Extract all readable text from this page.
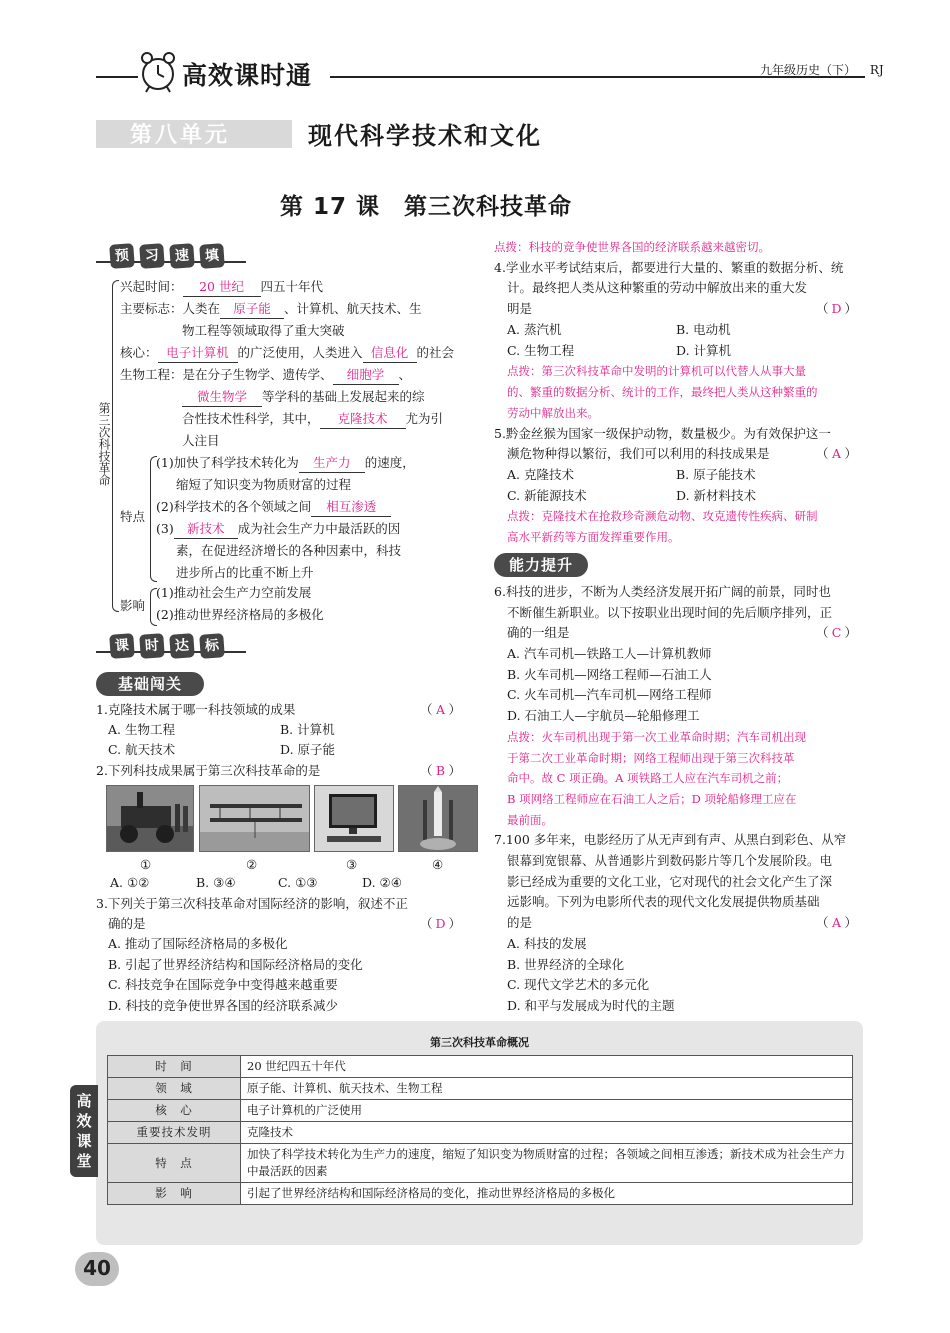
高效课时通	九年级历史（下） RJ
第八单元	现代科学技术和文化
第 17 课　第三次科技革命
预	习	速	填
第三次科技革命
兴起时间： 20 世纪 四五十年代
主要标志：人类在 原子能 、计算机、航天技术、生
物工程等领域取得了重大突破
核心： 电子计算机 的广泛使用，人类进入 信息化 的社会
生物工程：是在分子生物学、遗传学、 细胞学 、
微生物学 等学科的基础上发展起来的综
合性技术性科学，其中， 克隆技术 尤为引
人注目
特点
(1)加快了科学技术转化为 生产力 的速度，
缩短了知识变为物质财富的过程
(2)科学技术的各个领域之间 相互渗透
(3) 新技术 成为社会生产力中最活跃的因
素，在促进经济增长的各种因素中，科技
进步所占的比重不断上升
影响
(1)推动社会生产力空前发展
(2)推动世界经济格局的多极化
课	时	达	标
基础闯关
1.克隆技术属于哪一科技领域的成果	（ A ）
A. 生物工程	B. 计算机
C. 航天技术	D. 原子能
2.下列科技成果属于第三次科技革命的是	（ B ）
①	②	③	④
A. ①②	B. ③④	C. ①③	D. ②④
3.下列关于第三次科技革命对国际经济的影响，叙述不正
确的是	（ D ）
A. 推动了国际经济格局的多极化
B. 引起了世界经济结构和国际经济格局的变化
C. 科技竞争在国际竞争中变得越来越重要
D. 科技的竞争使世界各国的经济联系减少
点拨：科技的竞争使世界各国的经济联系越来越密切。
4.学业水平考试结束后，都要进行大量的、繁重的数据分析、统
计。最终把人类从这种繁重的劳动中解放出来的重大发
明是	（ D ）
A. 蒸汽机	B. 电动机
C. 生物工程	D. 计算机
点拨：第三次科技革命中发明的计算机可以代替人从事大量
的、繁重的数据分析、统计的工作，最终把人类从这种繁重的
劳动中解放出来。
5.黔金丝猴为国家一级保护动物，数量极少。为有效保护这一
濒危物种得以繁衍，我们可以利用的科技成果是	（ A ）
A. 克隆技术	B. 原子能技术
C. 新能源技术	D. 新材料技术
点拨：克隆技术在抢救珍奇濒危动物、攻克遗传性疾病、研制
高水平新药等方面发挥重要作用。
能力提升
6.科技的进步，不断为人类经济发展开拓广阔的前景，同时也
不断催生新职业。以下按职业出现时间的先后顺序排列，正
确的一组是	（ C ）
A. 汽车司机—铁路工人—计算机教师
B. 火车司机—网络工程师—石油工人
C. 火车司机—汽车司机—网络工程师
D. 石油工人—宇航员—轮船修理工
点拨：火车司机出现于第一次工业革命时期；汽车司机出现
于第二次工业革命时期；网络工程师出现于第三次科技革
命中。故 C 项正确。A 项铁路工人应在汽车司机之前；
B 项网络工程师应在石油工人之后；D 项轮船修理工应在
最前面。
7.100 多年来，电影经历了从无声到有声、从黑白到彩色、从窄
银幕到宽银幕、从普通影片到数码影片等几个发展阶段。电
影已经成为重要的文化工业，它对现代的社会文化产生了深
远影响。下列为电影所代表的现代文化发展提供物质基础
的是	（ A ）
A. 科技的发展
B. 世界经济的全球化
C. 现代文学艺术的多元化
D. 和平与发展成为时代的主题
第三次科技革命概况
时　间	20 世纪四五十年代
领　域	原子能、计算机、航天技术、生物工程
核　心	电子计算机的广泛使用
重要技术发明	克隆技术
特　点	加快了科学技术转化为生产力的速度，缩短了知识变为物质财富的过程；各领域之间相互渗透；新技术成为社会生产力中最活跃的因素
影　响	引起了世界经济结构和国际经济格局的变化，推动世界经济格局的多极化
高
效
课
堂
40
